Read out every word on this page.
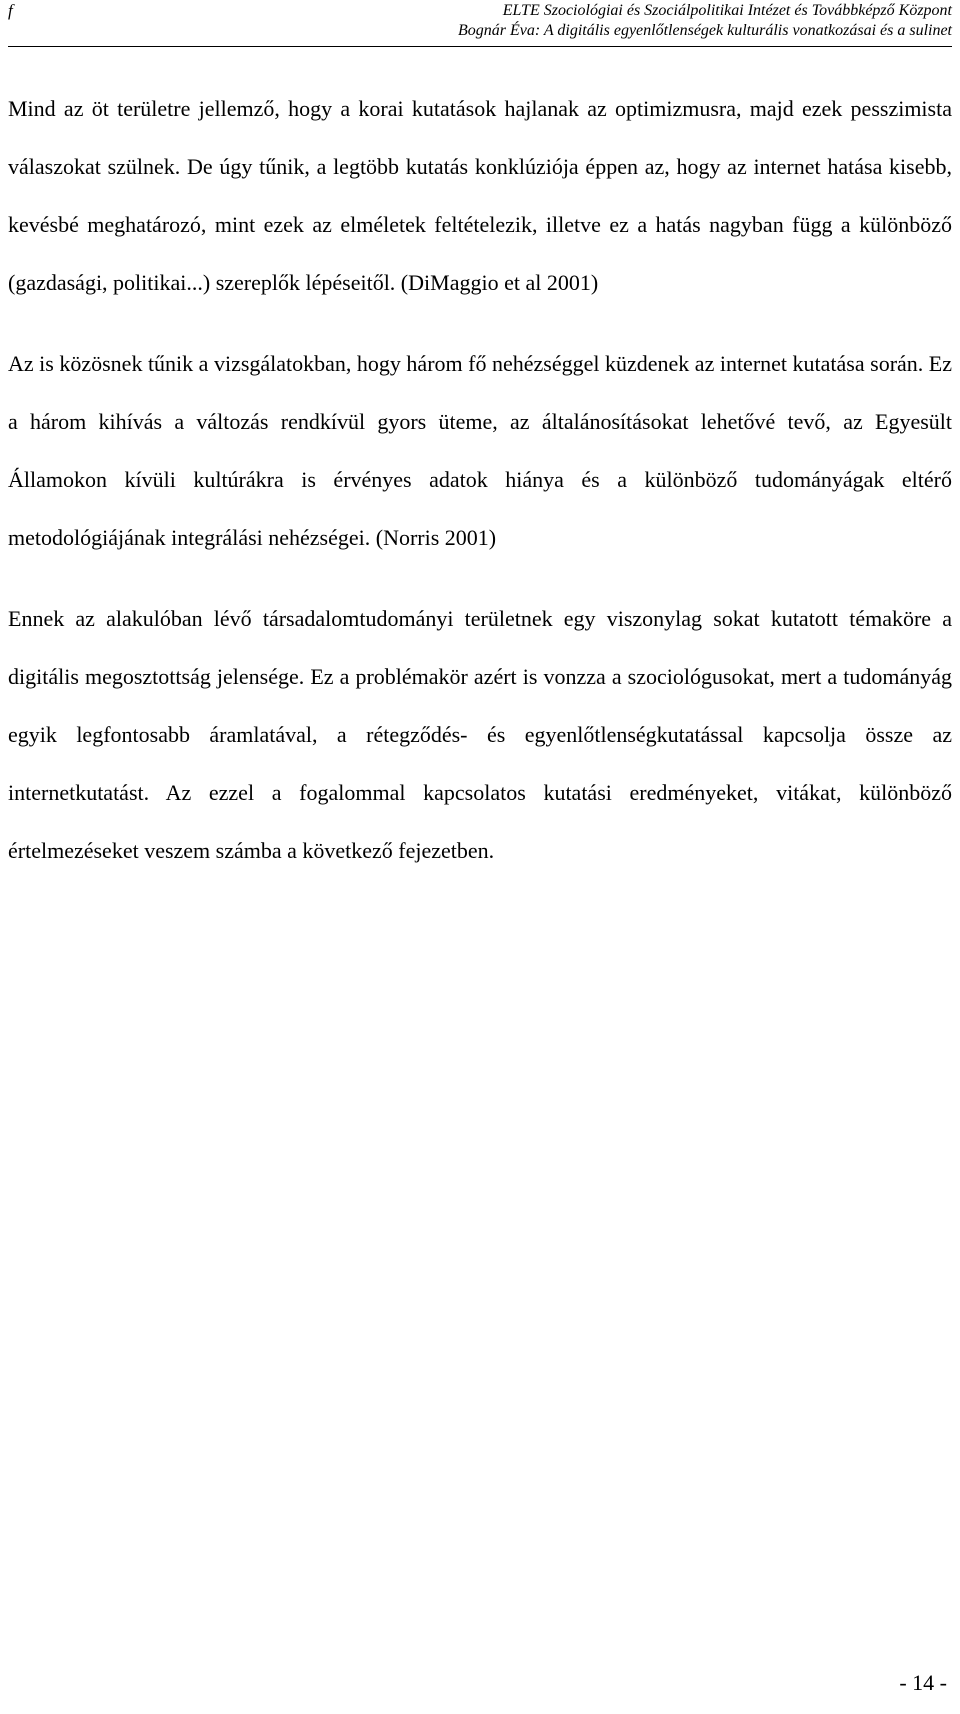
f	ELTE Szociológiai és Szociálpolitikai Intézet és Továbbképző Központ
Bognár Éva: A digitális egyenlőtlenségek kulturális vonatkozásai és a sulinet

Mind az öt területre jellemző, hogy a korai kutatások hajlanak az optimizmusra, majd ezek pesszimista válaszokat szülnek. De úgy tűnik, a legtöbb kutatás konklúziója éppen az, hogy az internet hatása kisebb, kevésbé meghatározó, mint ezek az elméletek feltételezik, illetve ez a hatás nagyban függ a különböző (gazdasági, politikai...) szereplők lépéseitől. (DiMaggio et al 2001)

Az is közösnek tűnik a vizsgálatokban, hogy három fő nehézséggel küzdenek az internet kutatása során. Ez a három kihívás a változás rendkívül gyors üteme, az általánosításokat lehetővé tevő, az Egyesült Államokon kívüli kultúrákra is érvényes adatok hiánya és a különböző tudományágak eltérő metodológiájának integrálási nehézségei. (Norris 2001)

Ennek az alakulóban lévő társadalomtudományi területnek egy viszonylag sokat kutatott témaköre a digitális megosztottság jelensége. Ez a problémakör azért is vonzza a szociológusokat, mert a tudományág egyik legfontosabb áramlatával, a rétegződés- és egyenlőtlenségkutatással kapcsolja össze az internetkutatást. Az ezzel a fogalommal kapcsolatos kutatási eredményeket, vitákat, különböző értelmezéseket veszem számba a következő fejezetben.

- 14 -
